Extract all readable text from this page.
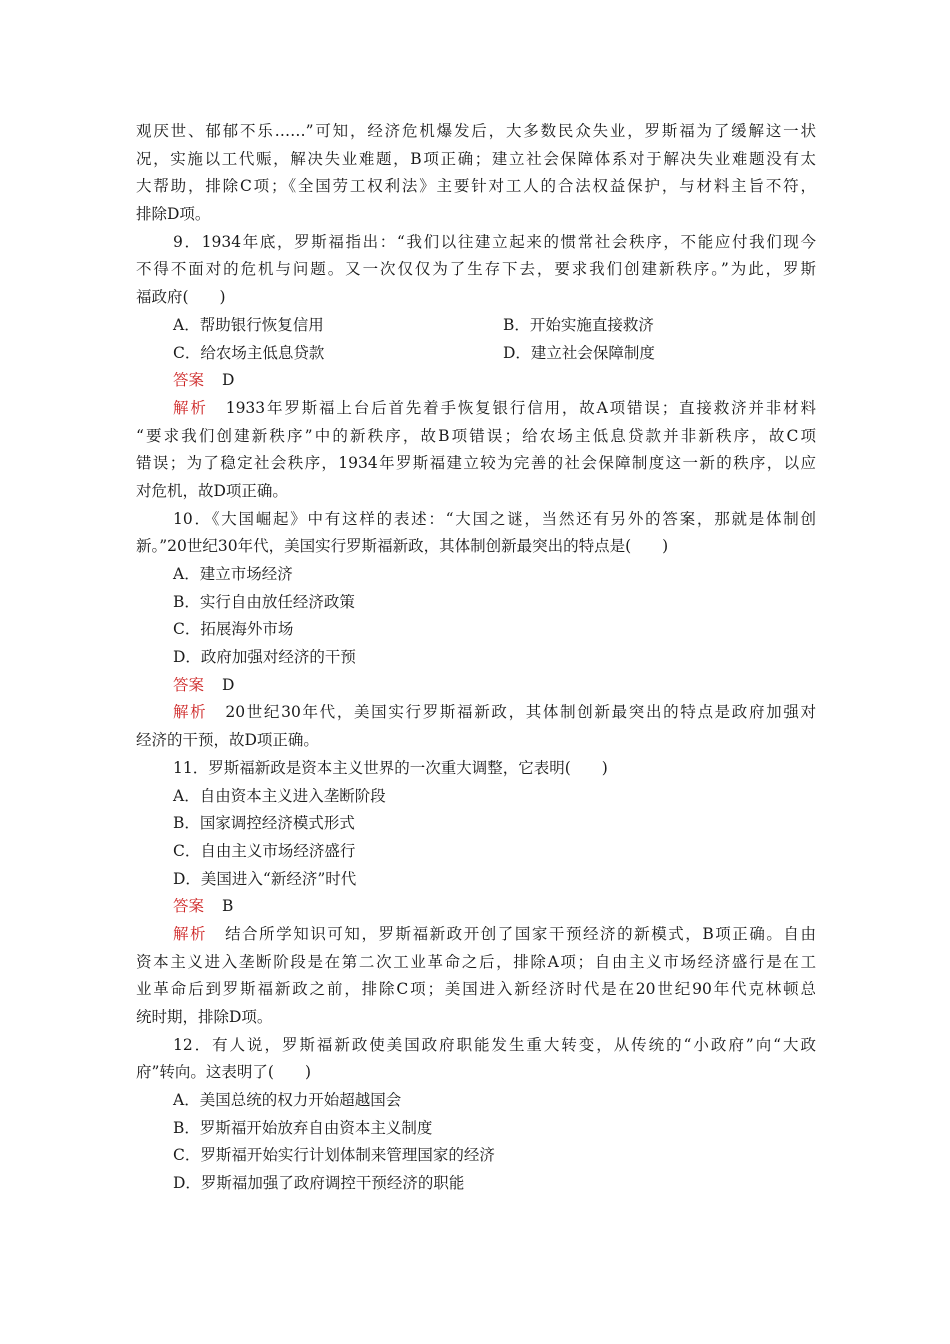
观厌世、郁郁不乐……”可知，经济危机爆发后，大多数民众失业，罗斯福为了缓解这一状
况，实施以工代赈，解决失业难题，B项正确；建立社会保障体系对于解决失业难题没有太
大帮助，排除C项；《全国劳工权利法》主要针对工人的合法权益保护，与材料主旨不符，
排除D项。
9．1934年底，罗斯福指出：“我们以往建立起来的惯常社会秩序，不能应付我们现今
不得不面对的危机与问题。又一次仅仅为了生存下去，要求我们创建新秩序。”为此，罗斯
福政府(　　)
A．帮助银行恢复信用	B．开始实施直接救济
C．给农场主低息贷款	D．建立社会保障制度
答案 D
解析 1933年罗斯福上台后首先着手恢复银行信用，故A项错误；直接救济并非材料
“要求我们创建新秩序”中的新秩序，故B项错误；给农场主低息贷款并非新秩序，故C项
错误；为了稳定社会秩序，1934年罗斯福建立较为完善的社会保障制度这一新的秩序，以应
对危机，故D项正确。
10．《大国崛起》中有这样的表述：“大国之谜，当然还有另外的答案，那就是体制创
新。”20世纪30年代，美国实行罗斯福新政，其体制创新最突出的特点是(　　)
A．建立市场经济
B．实行自由放任经济政策
C．拓展海外市场
D．政府加强对经济的干预
答案 D
解析 20世纪30年代，美国实行罗斯福新政，其体制创新最突出的特点是政府加强对
经济的干预，故D项正确。
11．罗斯福新政是资本主义世界的一次重大调整，它表明(　　)
A．自由资本主义进入垄断阶段
B．国家调控经济模式形式
C．自由主义市场经济盛行
D．美国进入“新经济”时代
答案 B
解析 结合所学知识可知，罗斯福新政开创了国家干预经济的新模式，B项正确。自由
资本主义进入垄断阶段是在第二次工业革命之后，排除A项；自由主义市场经济盛行是在工
业革命后到罗斯福新政之前，排除C项；美国进入新经济时代是在20世纪90年代克林顿总
统时期，排除D项。
12．有人说，罗斯福新政使美国政府职能发生重大转变，从传统的“小政府”向“大政
府”转向。这表明了(　　)
A．美国总统的权力开始超越国会
B．罗斯福开始放弃自由资本主义制度
C．罗斯福开始实行计划体制来管理国家的经济
D．罗斯福加强了政府调控干预经济的职能
